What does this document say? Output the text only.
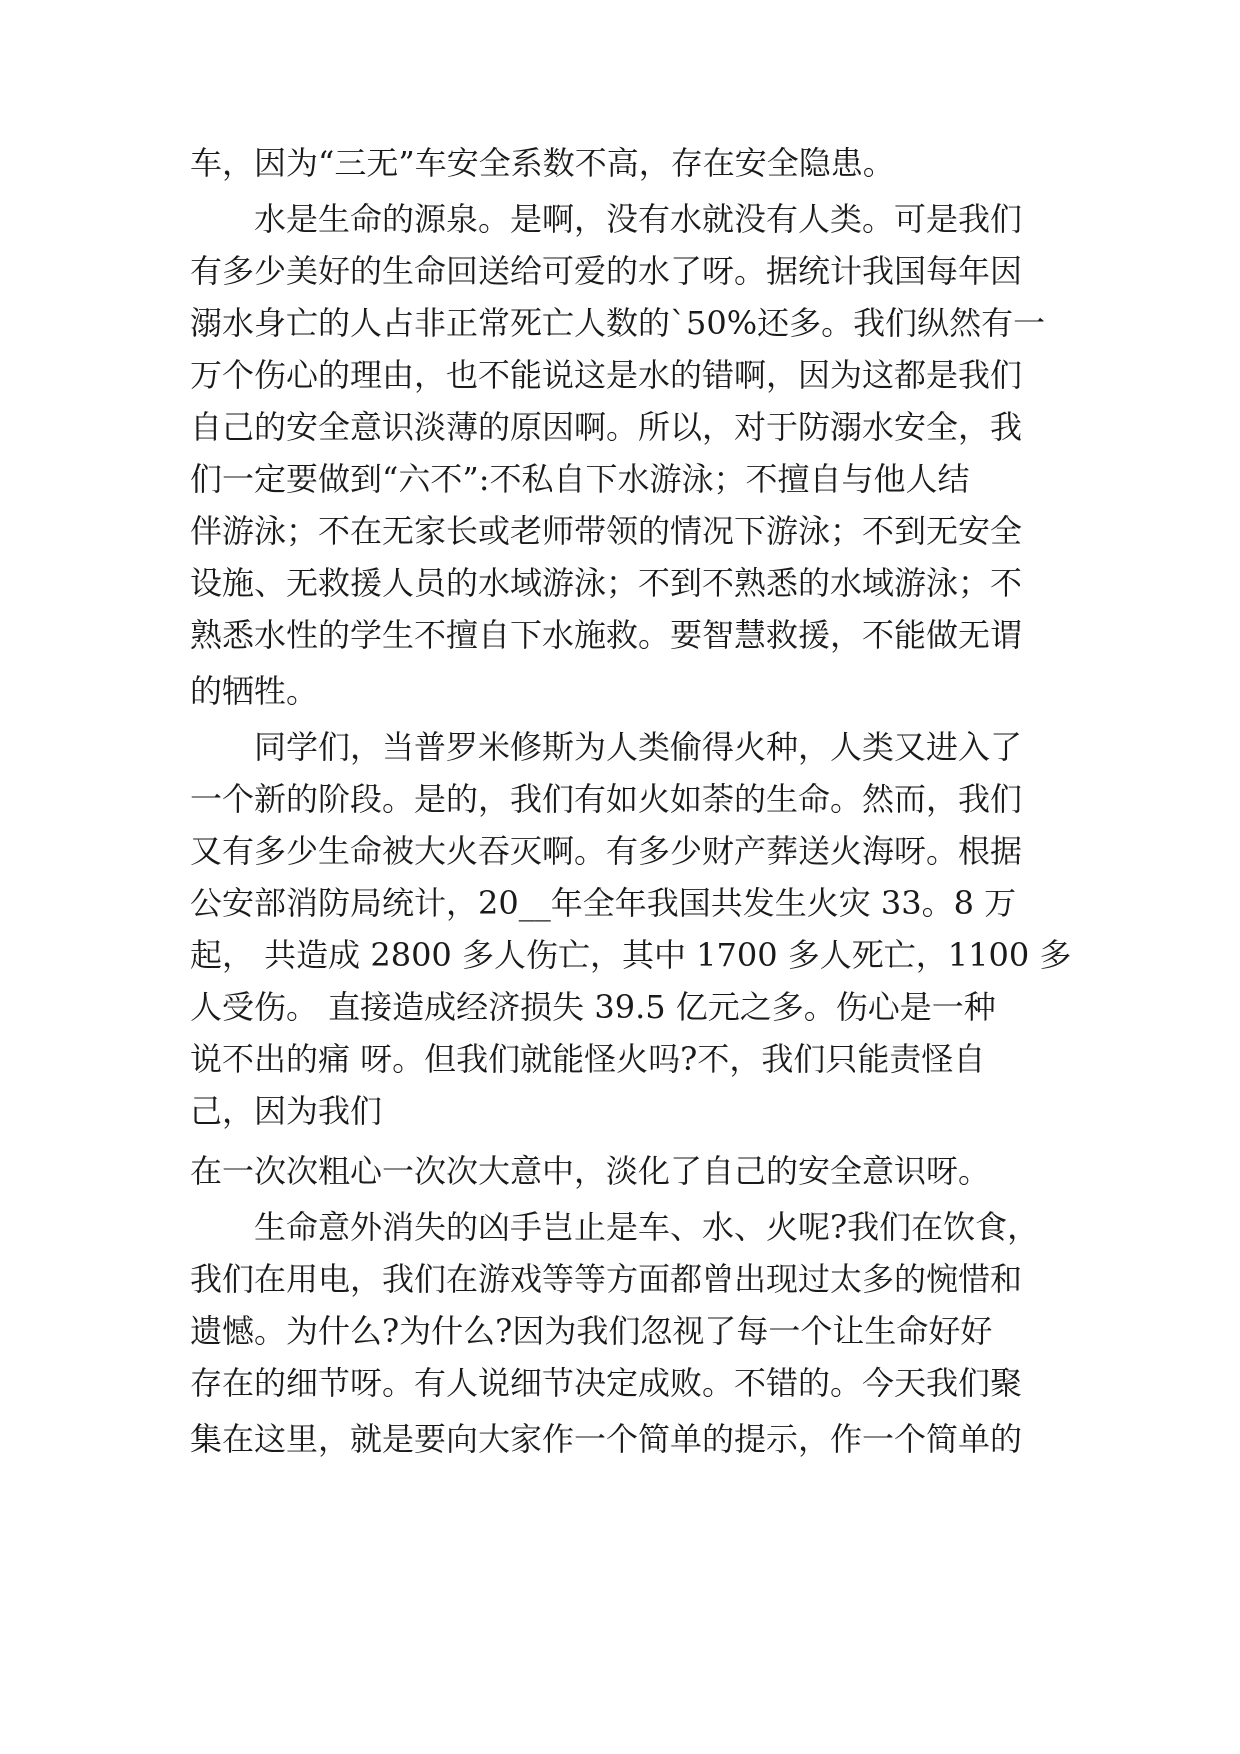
车，因为“三无”车安全系数不高，存在安全隐患。

水是生命的源泉。是啊，没有水就没有人类。可是我们

有多少美好的生命回送给可爱的水了呀。据统计我国每年因

溺水身亡的人占非正常死亡人数的`50%还多。我们纵然有一

万个伤心的理由，也不能说这是水的错啊，因为这都是我们

自己的安全意识淡薄的原因啊。所以，对于防溺水安全，我

们一定要做到“六不”:不私自下水游泳；不擅自与他人结

伴游泳；不在无家长或老师带领的情况下游泳；不到无安全

设施、无救援人员的水域游泳；不到不熟悉的水域游泳；不

熟悉水性的学生不擅自下水施救。要智慧救援，不能做无谓

的牺牲。

同学们，当普罗米修斯为人类偷得火种，人类又进入了

一个新的阶段。是的，我们有如火如荼的生命。然而，我们

又有多少生命被大火吞灭啊。有多少财产葬送火海呀。根据

公安部消防局统计，20__年全年我国共发生火灾 33。8 万

起， 共造成 2800 多人伤亡，其中 1700 多人死亡，1100 多

人受伤。 直接造成经济损失 39.5 亿元之多。伤心是一种

说不出的痛 呀。但我们就能怪火吗?不，我们只能责怪自

己，因为我们

在一次次粗心一次次大意中，淡化了自己的安全意识呀。

生命意外消失的凶手岂止是车、水、火呢?我们在饮食，

我们在用电，我们在游戏等等方面都曾出现过太多的惋惜和

遗憾。为什么?为什么?因为我们忽视了每一个让生命好好

存在的细节呀。有人说细节决定成败。不错的。今天我们聚

集在这里，就是要向大家作一个简单的提示，作一个简单的
